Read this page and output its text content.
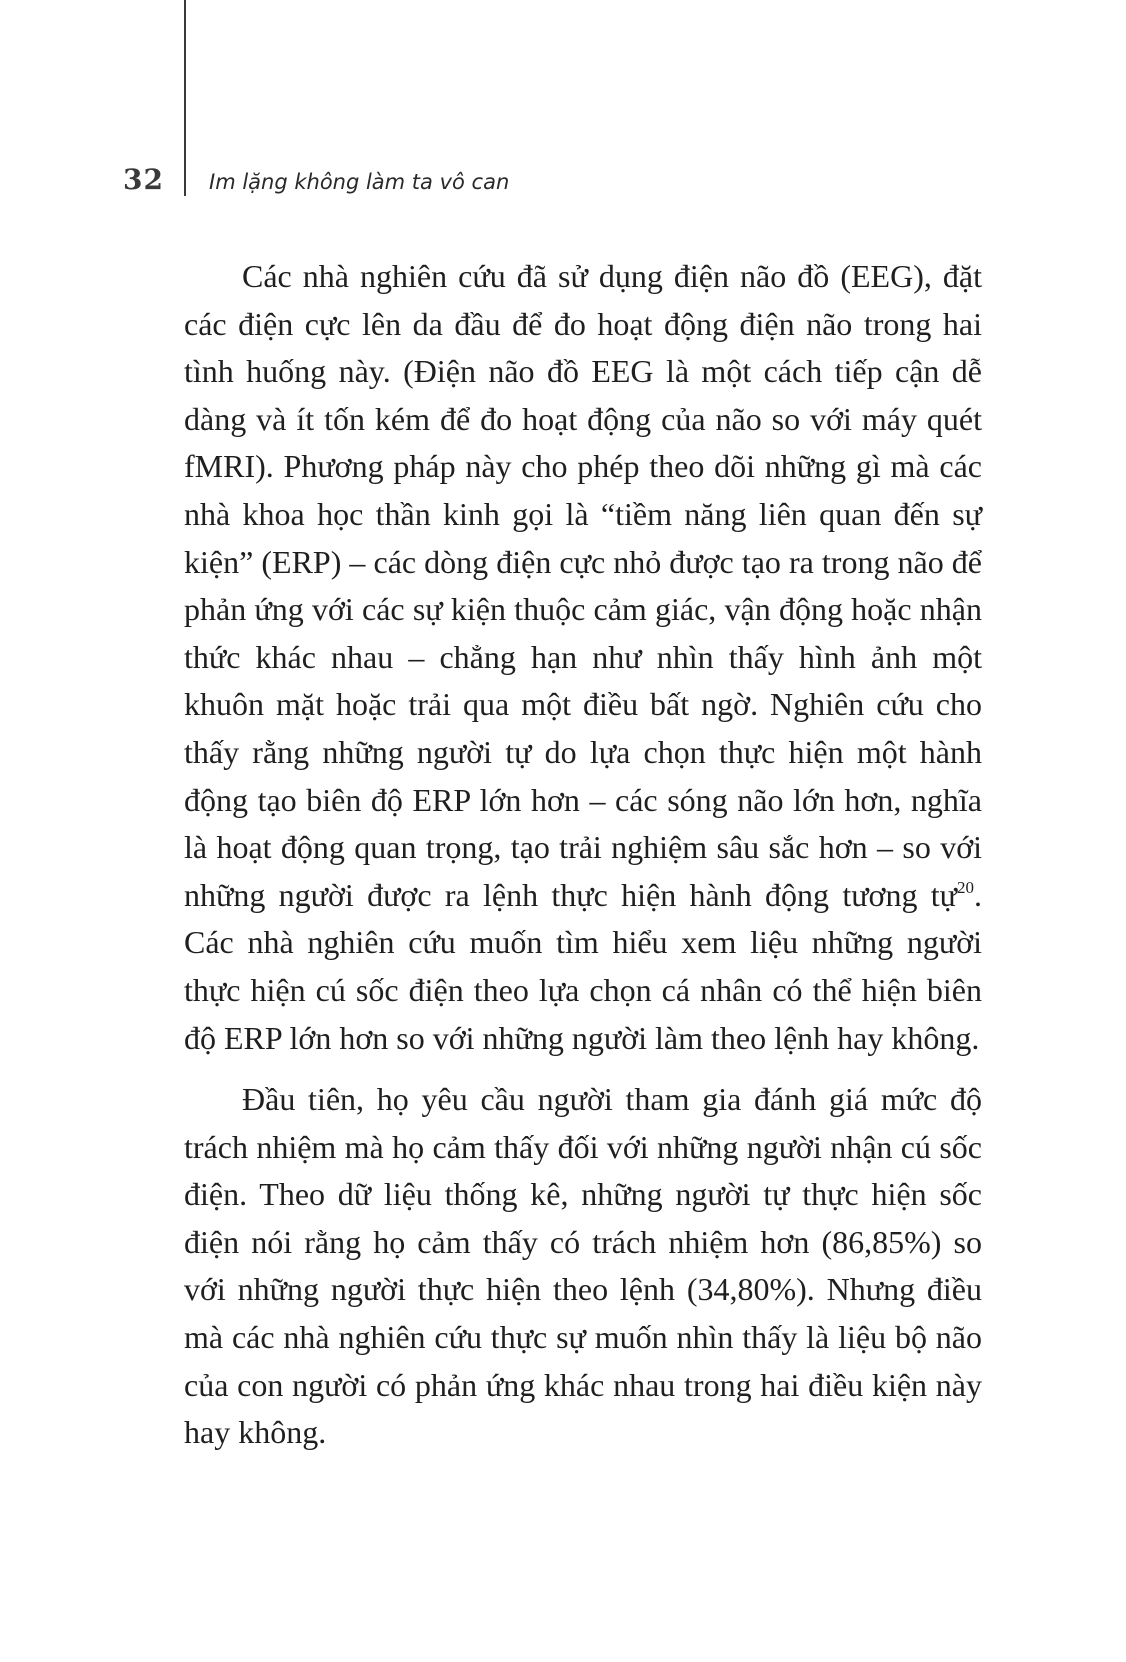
32 Im lặng không làm ta vô can

Các nhà nghiên cứu đã sử dụng điện não đồ (EEG), đặt các điện cực lên da đầu để đo hoạt động điện não trong hai tình huống này. (Điện não đồ EEG là một cách tiếp cận dễ dàng và ít tốn kém để đo hoạt động của não so với máy quét fMRI). Phương pháp này cho phép theo dõi những gì mà các nhà khoa học thần kinh gọi là “tiềm năng liên quan đến sự kiện” (ERP) – các dòng điện cực nhỏ được tạo ra trong não để phản ứng với các sự kiện thuộc cảm giác, vận động hoặc nhận thức khác nhau – chẳng hạn như nhìn thấy hình ảnh một khuôn mặt hoặc trải qua một điều bất ngờ. Nghiên cứu cho thấy rằng những người tự do lựa chọn thực hiện một hành động tạo biên độ ERP lớn hơn – các sóng não lớn hơn, nghĩa là hoạt động quan trọng, tạo trải nghiệm sâu sắc hơn – so với những người được ra lệnh thực hiện hành động tương tự$^{20}$. Các nhà nghiên cứu muốn tìm hiểu xem liệu những người thực hiện cú sốc điện theo lựa chọn cá nhân có thể hiện biên độ ERP lớn hơn so với những người làm theo lệnh hay không.

Đầu tiên, họ yêu cầu người tham gia đánh giá mức độ trách nhiệm mà họ cảm thấy đối với những người nhận cú sốc điện. Theo dữ liệu thống kê, những người tự thực hiện sốc điện nói rằng họ cảm thấy có trách nhiệm hơn (86,85%) so với những người thực hiện theo lệnh (34,80%). Nhưng điều mà các nhà nghiên cứu thực sự muốn nhìn thấy là liệu bộ não của con người có phản ứng khác nhau trong hai điều kiện này hay không.
